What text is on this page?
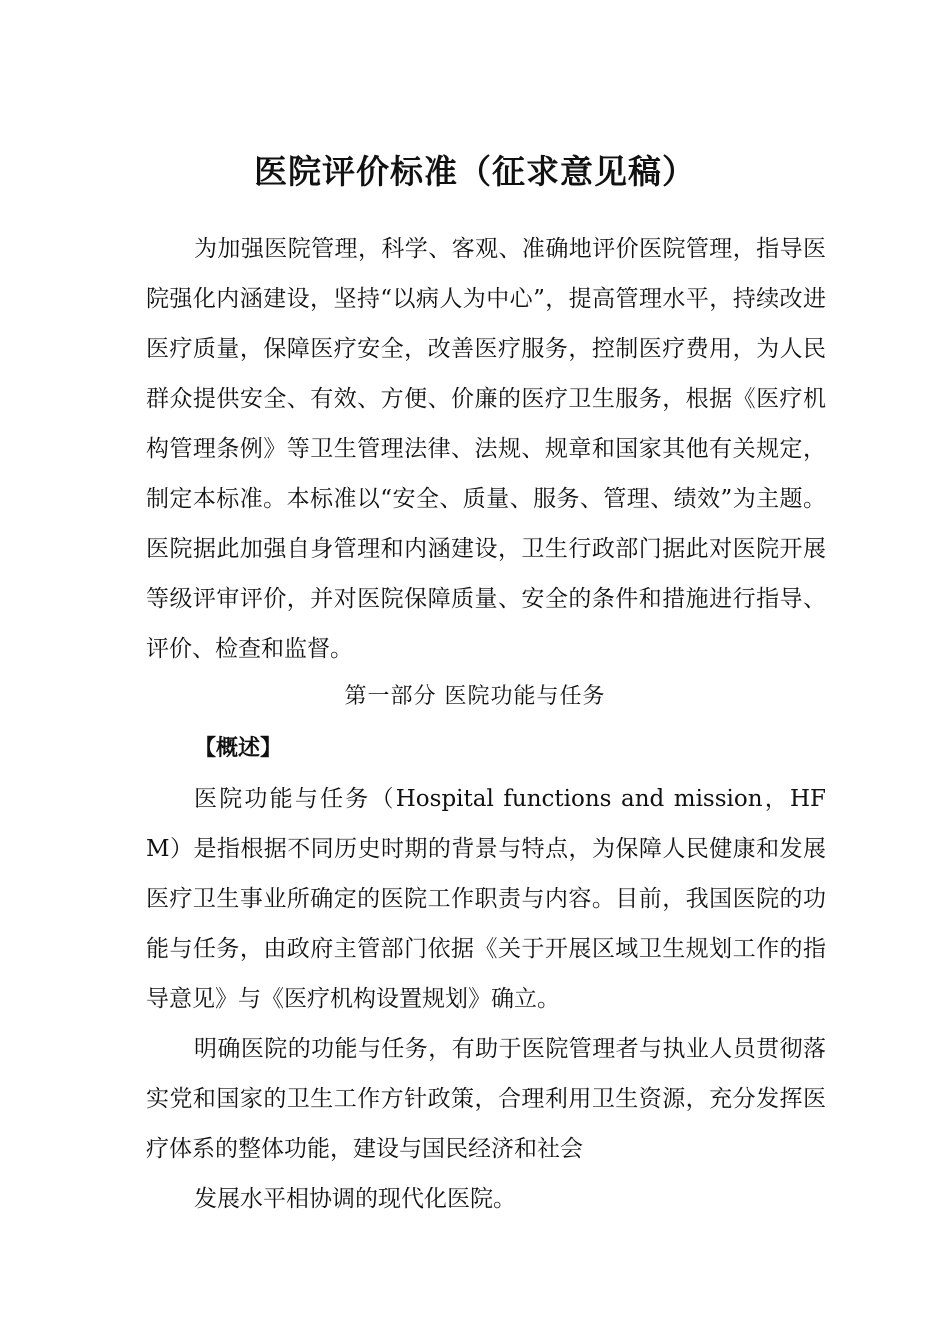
医院评价标准（征求意见稿）

为加强医院管理，科学、客观、准确地评价医院管理，指导医院强化内涵建设，坚持“以病人为中心”，提高管理水平，持续改进医疗质量，保障医疗安全，改善医疗服务，控制医疗费用，为人民群众提供安全、有效、方便、价廉的医疗卫生服务，根据《医疗机构管理条例》等卫生管理法律、法规、规章和国家其他有关规定，制定本标准。本标准以“安全、质量、服务、管理、绩效”为主题。医院据此加强自身管理和内涵建设，卫生行政部门据此对医院开展等级评审评价，并对医院保障质量、安全的条件和措施进行指导、评价、检查和监督。

第一部分 医院功能与任务
【概述】

医院功能与任务（Hospital functions and mission，HFM）是指根据不同历史时期的背景与特点，为保障人民健康和发展医疗卫生事业所确定的医院工作职责与内容。目前，我国医院的功能与任务，由政府主管部门依据《关于开展区域卫生规划工作的指导意见》与《医疗机构设置规划》确立。

明确医院的功能与任务，有助于医院管理者与执业人员贯彻落实党和国家的卫生工作方针政策，合理利用卫生资源，充分发挥医疗体系的整体功能，建设与国民经济和社会

发展水平相协调的现代化医院。
